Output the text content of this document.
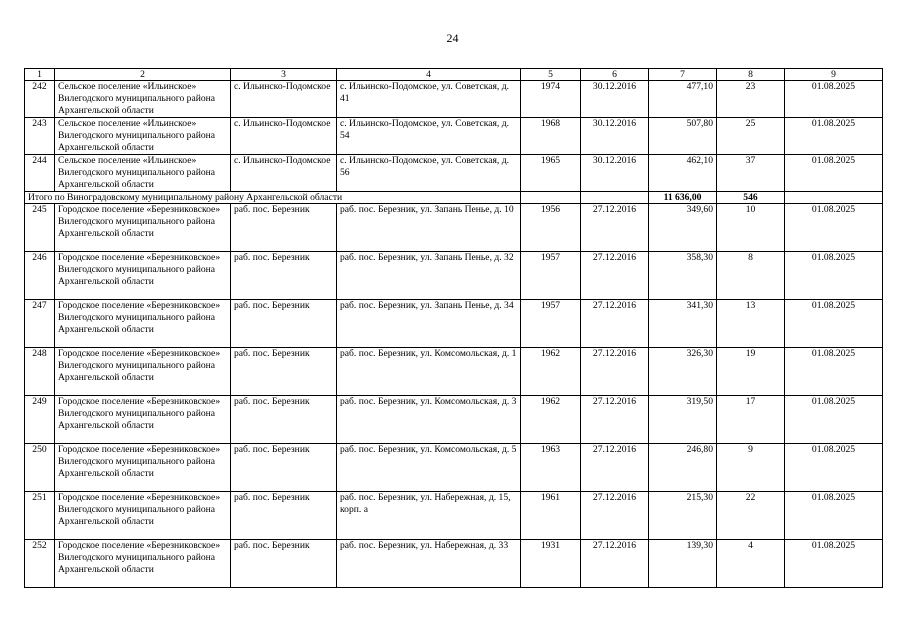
24
1	2	3	4	5	6	7	8	9
242	Сельское поселение «Ильинское» Вилегодского муниципального района Архангельской области	с. Ильинско-Подомское	с. Ильинско-Подомское, ул. Советская, д. 41	1974	30.12.2016	477,10	23	01.08.2025
243	Сельское поселение «Ильинское» Вилегодского муниципального района Архангельской области	с. Ильинско-Подомское	с. Ильинско-Подомское, ул. Советская, д. 54	1968	30.12.2016	507,80	25	01.08.2025
244	Сельское поселение «Ильинское» Вилегодского муниципального района Архангельской области	с. Ильинско-Подомское	с. Ильинско-Подомское, ул. Советская, д. 56	1965	30.12.2016	462,10	37	01.08.2025
Итого по Виноградовскому муниципальному району Архангельской области						11 636,00	546	
245	Городское поселение «Березниковское» Вилегодского муниципального района Архангельской области	раб. пос. Березник	раб. пос. Березник, ул. Запань Пенье, д. 10	1956	27.12.2016	349,60	10	01.08.2025
246	Городское поселение «Березниковское» Вилегодского муниципального района Архангельской области	раб. пос. Березник	раб. пос. Березник, ул. Запань Пенье, д. 32	1957	27.12.2016	358,30	8	01.08.2025
247	Городское поселение «Березниковское» Вилегодского муниципального района Архангельской области	раб. пос. Березник	раб. пос. Березник, ул. Запань Пенье, д. 34	1957	27.12.2016	341,30	13	01.08.2025
248	Городское поселение «Березниковское» Вилегодского муниципального района Архангельской области	раб. пос. Березник	раб. пос. Березник, ул. Комсомольская, д. 1	1962	27.12.2016	326,30	19	01.08.2025
249	Городское поселение «Березниковское» Вилегодского муниципального района Архангельской области	раб. пос. Березник	раб. пос. Березник, ул. Комсомольская, д. 3	1962	27.12.2016	319,50	17	01.08.2025
250	Городское поселение «Березниковское» Вилегодского муниципального района Архангельской области	раб. пос. Березник	раб. пос. Березник, ул. Комсомольская, д. 5	1963	27.12.2016	246,80	9	01.08.2025
251	Городское поселение «Березниковское» Вилегодского муниципального района Архангельской области	раб. пос. Березник	раб. пос. Березник, ул. Набережная, д. 15, корп. а	1961	27.12.2016	215,30	22	01.08.2025
252	Городское поселение «Березниковское» Вилегодского муниципального района Архангельской области	раб. пос. Березник	раб. пос. Березник, ул. Набережная, д. 33	1931	27.12.2016	139,30	4	01.08.2025
